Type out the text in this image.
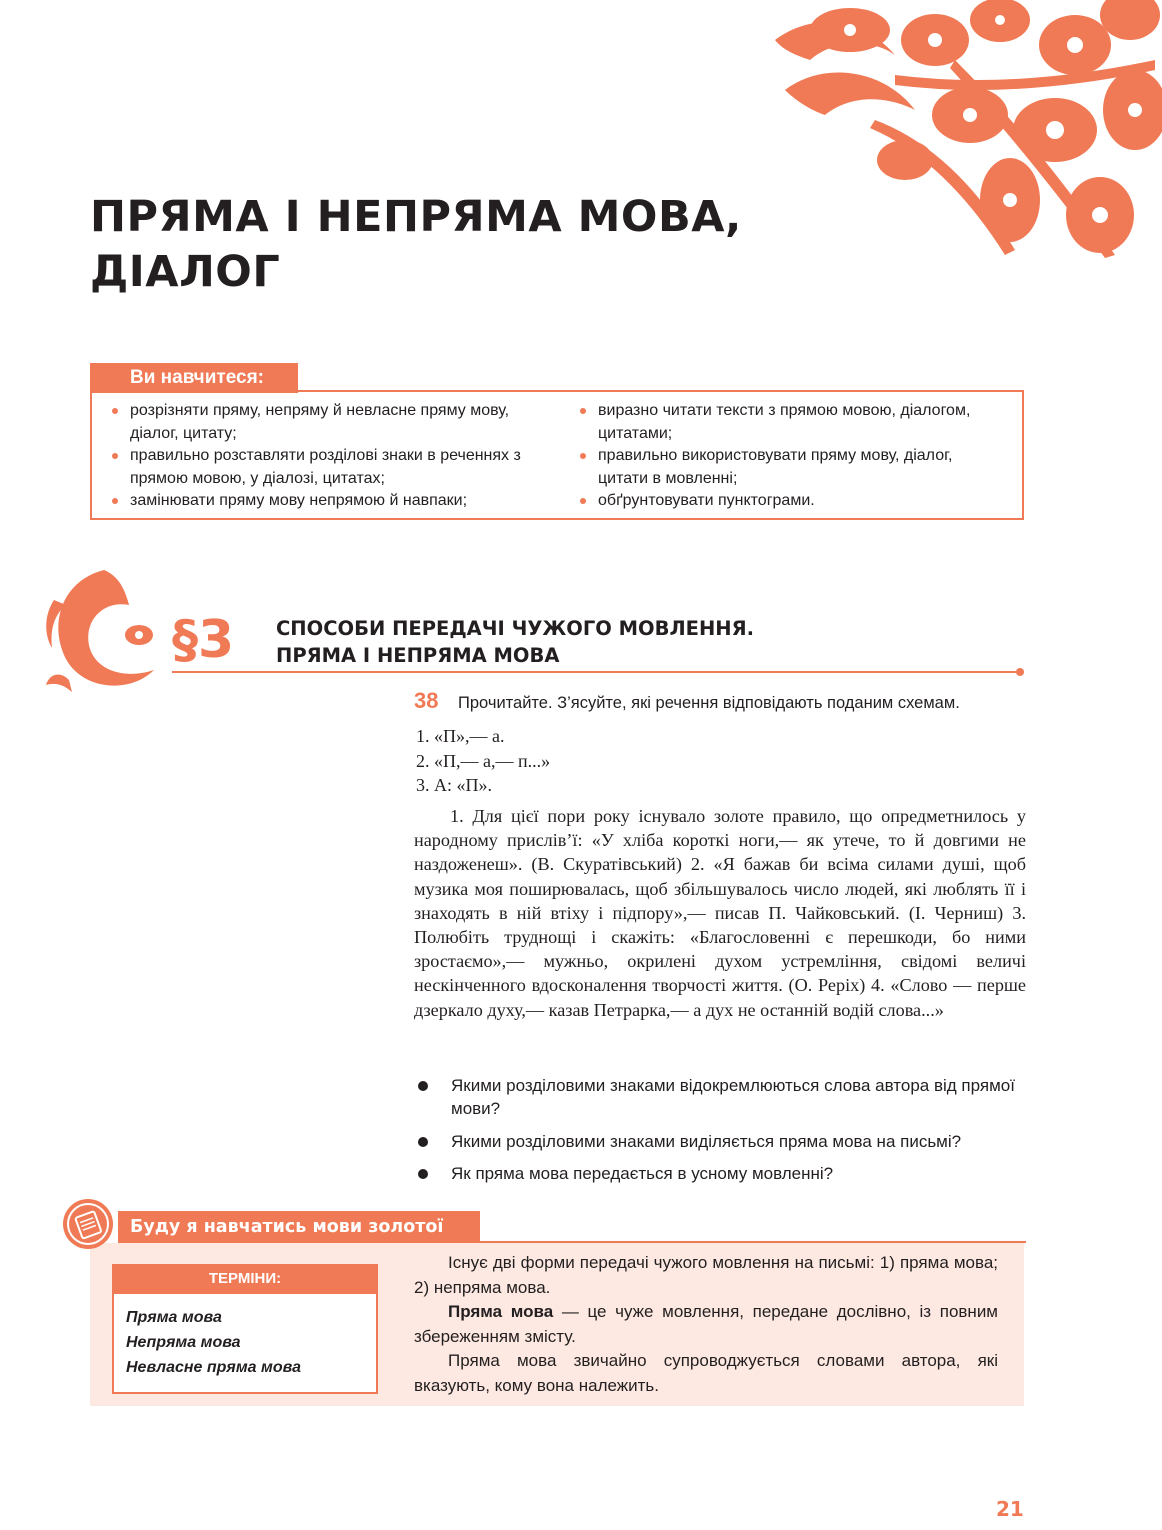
ПРЯМА І НЕПРЯМА МОВА,
ДІАЛОГ
Ви навчитеся:
розрізняти пряму, непряму й невласне пряму мову, діалог, цитату;
правильно розставляти розділові знаки в реченнях з прямою мовою, у діалозі, цитатах;
замінювати пряму мову непрямою й навпаки;
виразно читати тексти з прямою мовою, діалогом, цитатами;
правильно використовувати пряму мову, діалог, цитати в мовленні;
обґрунтовувати пунктограми.
§3 СПОСОБИ ПЕРЕДАЧІ ЧУЖОГО МОВЛЕННЯ.
ПРЯМА І НЕПРЯМА МОВА
38 Прочитайте. З’ясуйте, які речення відповідають поданим схемам.
1. «П»,— а.
2. «П,— а,— п...»
3. А: «П».
1. Для цієї пори року існувало золоте правило, що опредметнилось у народному прислів’ї: «У хліба короткі ноги,— як утече, то й довгими не наздоженеш». (В. Скуратівський) 2. «Я бажав би всіма силами душі, щоб музика моя поширювалась, щоб збільшувалось число людей, які люблять її і знаходять в ній втіху і підпору»,— писав П. Чайковський. (І. Черниш) 3. Полюбіть труднощі і скажіть: «Благословенні є перешкоди, бо ними зростаємо»,— мужньо, окрилені духом устремління, свідомі величі нескінченного вдосконалення творчості життя. (О. Реріх) 4. «Слово — перше дзеркало духу,— казав Петрарка,— а дух не останній водій слова...»
Якими розділовими знаками відокремлюються слова автора від прямої мови?
Якими розділовими знаками виділяється пряма мова на письмі?
Як пряма мова передається в усному мовленні?
Буду я навчатись мови золотої
ТЕРМІНИ:
Пряма мова
Непряма мова
Невласне пряма мова

Існує дві форми передачі чужого мовлення на письмі: 1) пряма мова; 2) непряма мова.

Пряма мова — це чуже мовлення, передане дослівно, із повним збереженням змісту.

Пряма мова звичайно супроводжується словами автора, які вказують, кому вона належить.

21
